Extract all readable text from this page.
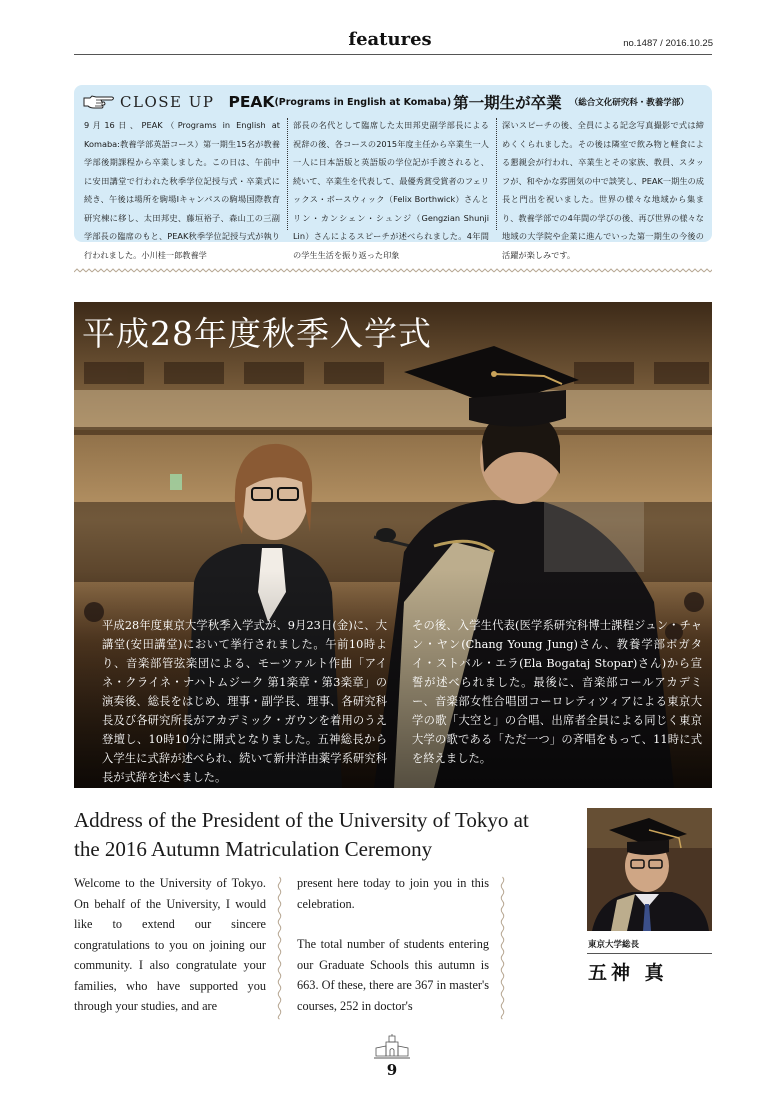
features	no.1487 / 2016.10.25
CLOSE UP PEAK (Programs in English at Komaba) 第一期生が卒業 （総合文化研究科・教養学部）
9月16日、PEAK（Programs in English at Komaba:教養学部英語コース）第一期生15名が教養学部後期課程から卒業しました。この日は、午前中に安田講堂で行われた秋季学位記授与式・卒業式に続き、午後は場所を駒場Ⅰキャンパスの駒場国際教育研究棟に移し、太田邦史、藤垣裕子、森山工の三副学部長の臨席のもと、PEAK秋季学位記授与式が執り行われました。小川桂一郎教養学
部長の名代として臨席した太田邦史副学部長による祝辞の後、各コースの2015年度主任から卒業生一人一人に日本語版と英語版の学位記が手渡されると、続いて、卒業生を代表して、最優秀賞受賞者のフェリックス・ボースウィック（Felix Borthwick）さんとリン・カンシェン・シュンジ（Gengzian Shunji Lin）さんによるスピーチが述べられました。4年間の学生生活を振り返った印象
深いスピーチの後、全員による記念写真撮影で式は締めくくられました。その後は隣室で飲み物と軽食による懇親会が行われ、卒業生とその家族、教員、スタッフが、和やかな雰囲気の中で談笑し、PEAK一期生の成長と門出を祝いました。世界の様々な地域から集まり、教養学部での4年間の学びの後、再び世界の様々な地域の大学院や企業に進んでいった第一期生の今後の活躍が楽しみです。
平成28年度秋季入学式
平成28年度東京大学秋季入学式が、9月23日(金)に、大講堂(安田講堂)において挙行されました。午前10時より、音楽部管弦楽団による、モーツァルト作曲「アイネ・クライネ・ナハトムジーク 第1楽章・第3楽章」の演奏後、総長をはじめ、理事・副学長、理事、各研究科長及び各研究所長がアカデミック・ガウンを着用のうえ登壇し、10時10分に開式となりました。五神総長から入学生に式辞が述べられ、続いて新井洋由薬学系研究科長が式辞を述べました。
その後、入学生代表(医学系研究科博士課程ジュン・チャン・ヤン(Chang Young Jung)さん、教養学部ボガタイ・ストバル・エラ(Ela Bogataj Stopar)さん)から宣誓が述べられました。最後に、音楽部コールアカデミー、音楽部女性合唱団コーロレティツィアによる東京大学の歌「大空と」の合唱、出席者全員による同じく東京大学の歌である「ただ一つ」の斉唱をもって、11時に式を終えました。
Address of the President of the University of Tokyo at the 2016 Autumn Matriculation Ceremony

Welcome to the University of Tokyo. On behalf of the University, I would like to extend our sincere congratulations to you on joining our community. I also congratulate your families, who have supported you through your studies, and are

present here today to join you in this celebration.

The total number of students entering our Graduate Schools this autumn is 663. Of these, there are 367 in master's courses, 252 in doctor's

東京大学総長
五神 真
9
